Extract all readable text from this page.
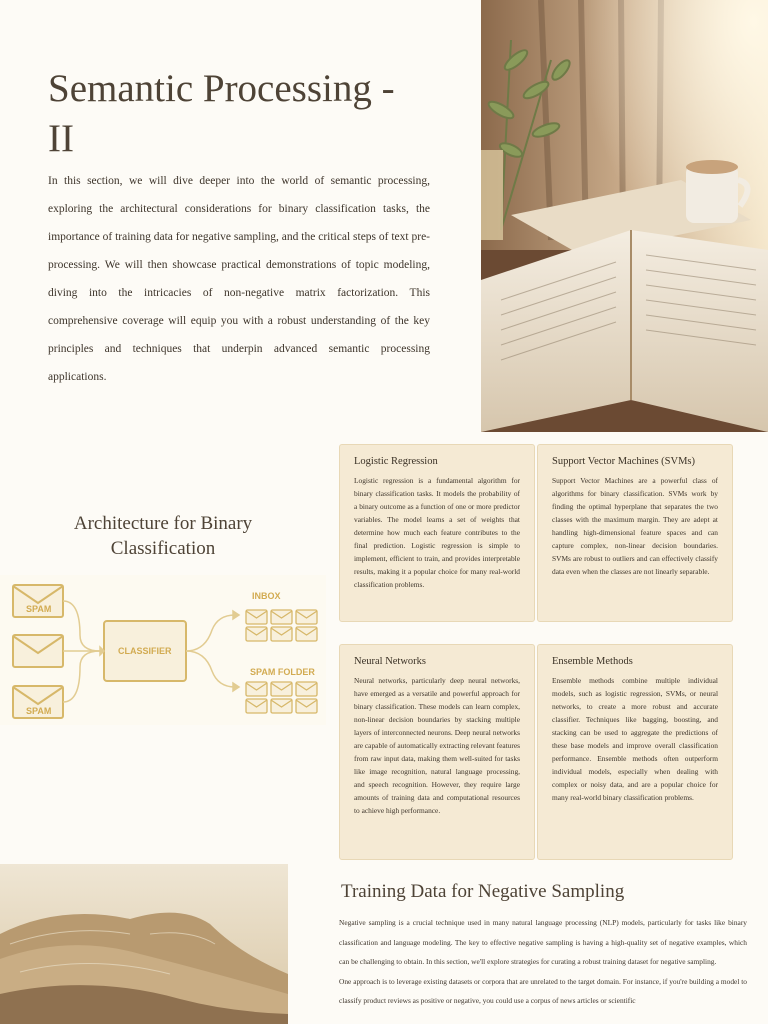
Semantic Processing - II

In this section, we will dive deeper into the world of semantic processing, exploring the architectural considerations for binary classification tasks, the importance of training data for negative sampling, and the critical steps of text pre-processing. We will then showcase practical demonstrations of topic modeling, diving into the intricacies of non-negative matrix factorization. This comprehensive coverage will equip you with a robust understanding of the key principles and techniques that underpin advanced semantic processing applications.

Architecture for Binary Classification
SPAM
SPAM
CLASSIFIER
INBOX
SPAM FOLDER
Logistic Regression

Logistic regression is a fundamental algorithm for binary classification tasks. It models the probability of a binary outcome as a function of one or more predictor variables. The model learns a set of weights that determine how much each feature contributes to the final prediction. Logistic regression is simple to implement, efficient to train, and provides interpretable results, making it a popular choice for many real-world classification problems.

Support Vector Machines (SVMs)

Support Vector Machines are a powerful class of algorithms for binary classification. SVMs work by finding the optimal hyperplane that separates the two classes with the maximum margin. They are adept at handling high-dimensional feature spaces and can capture complex, non-linear decision boundaries. SVMs are robust to outliers and can effectively classify data even when the classes are not linearly separable.

Neural Networks

Neural networks, particularly deep neural networks, have emerged as a versatile and powerful approach for binary classification. These models can learn complex, non-linear decision boundaries by stacking multiple layers of interconnected neurons. Deep neural networks are capable of automatically extracting relevant features from raw input data, making them well-suited for tasks like image recognition, natural language processing, and speech recognition. However, they require large amounts of training data and computational resources to achieve high performance.

Ensemble Methods

Ensemble methods combine multiple individual models, such as logistic regression, SVMs, or neural networks, to create a more robust and accurate classifier. Techniques like bagging, boosting, and stacking can be used to aggregate the predictions of these base models and improve overall classification performance. Ensemble methods often outperform individual models, especially when dealing with complex or noisy data, and are a popular choice for many real-world binary classification problems.

Training Data for Negative Sampling

Negative sampling is a crucial technique used in many natural language processing (NLP) models, particularly for tasks like binary classification and language modeling. The key to effective negative sampling is having a high-quality set of negative examples, which can be challenging to obtain. In this section, we'll explore strategies for curating a robust training dataset for negative sampling.

One approach is to leverage existing datasets or corpora that are unrelated to the target domain. For instance, if you're building a model to classify product reviews as positive or negative, you could use a corpus of news articles or scientific
